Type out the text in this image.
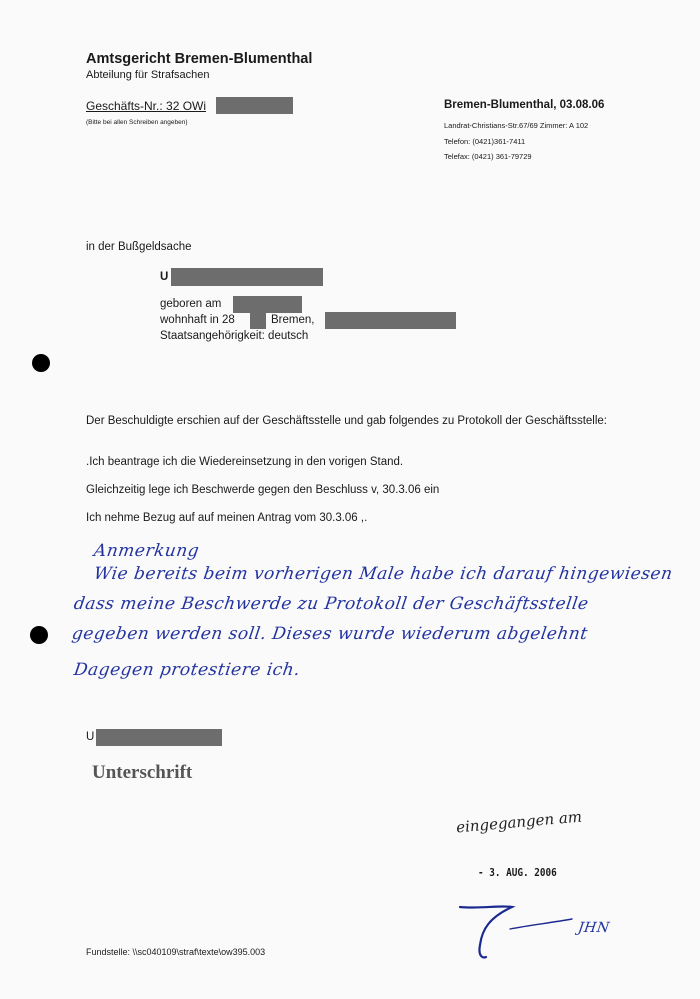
Amtsgericht Bremen-Blumenthal
Abteilung für Strafsachen
Geschäfts-Nr.: 32 OWi
(Bitte bei allen Schreiben angeben)
Bremen-Blumenthal, 03.08.06
Landrat-Christians-Str.67/69 Zimmer: A 102
Telefon: (0421)361-7411
Telefax: (0421) 361-79729
in der Bußgeldsache
U
geboren am
wohnhaft in 28	Bremen,
Staatsangehörigkeit: deutsch
Der Beschuldigte erschien auf der Geschäftsstelle und gab folgendes zu Protokoll der Geschäftsstelle:
.Ich beantrage ich die Wiedereinsetzung in den vorigen Stand.
Gleichzeitig lege ich Beschwerde gegen den Beschluss v, 30.3.06 ein
Ich nehme Bezug auf auf meinen Antrag vom 30.3.06 ,.
Anmerkung
Wie bereits beim vorherigen Male habe ich darauf hingewiesen
dass meine Beschwerde zu Protokoll der Geschäftsstelle
gegeben werden soll. Dieses wurde wiederum abgelehnt
Dagegen protestiere ich.
U
Unterschrift
eingegangen am
- 3. AUG. 2006
JHN
Fundstelle: \\sc040109\straf\texte\ow395.003
